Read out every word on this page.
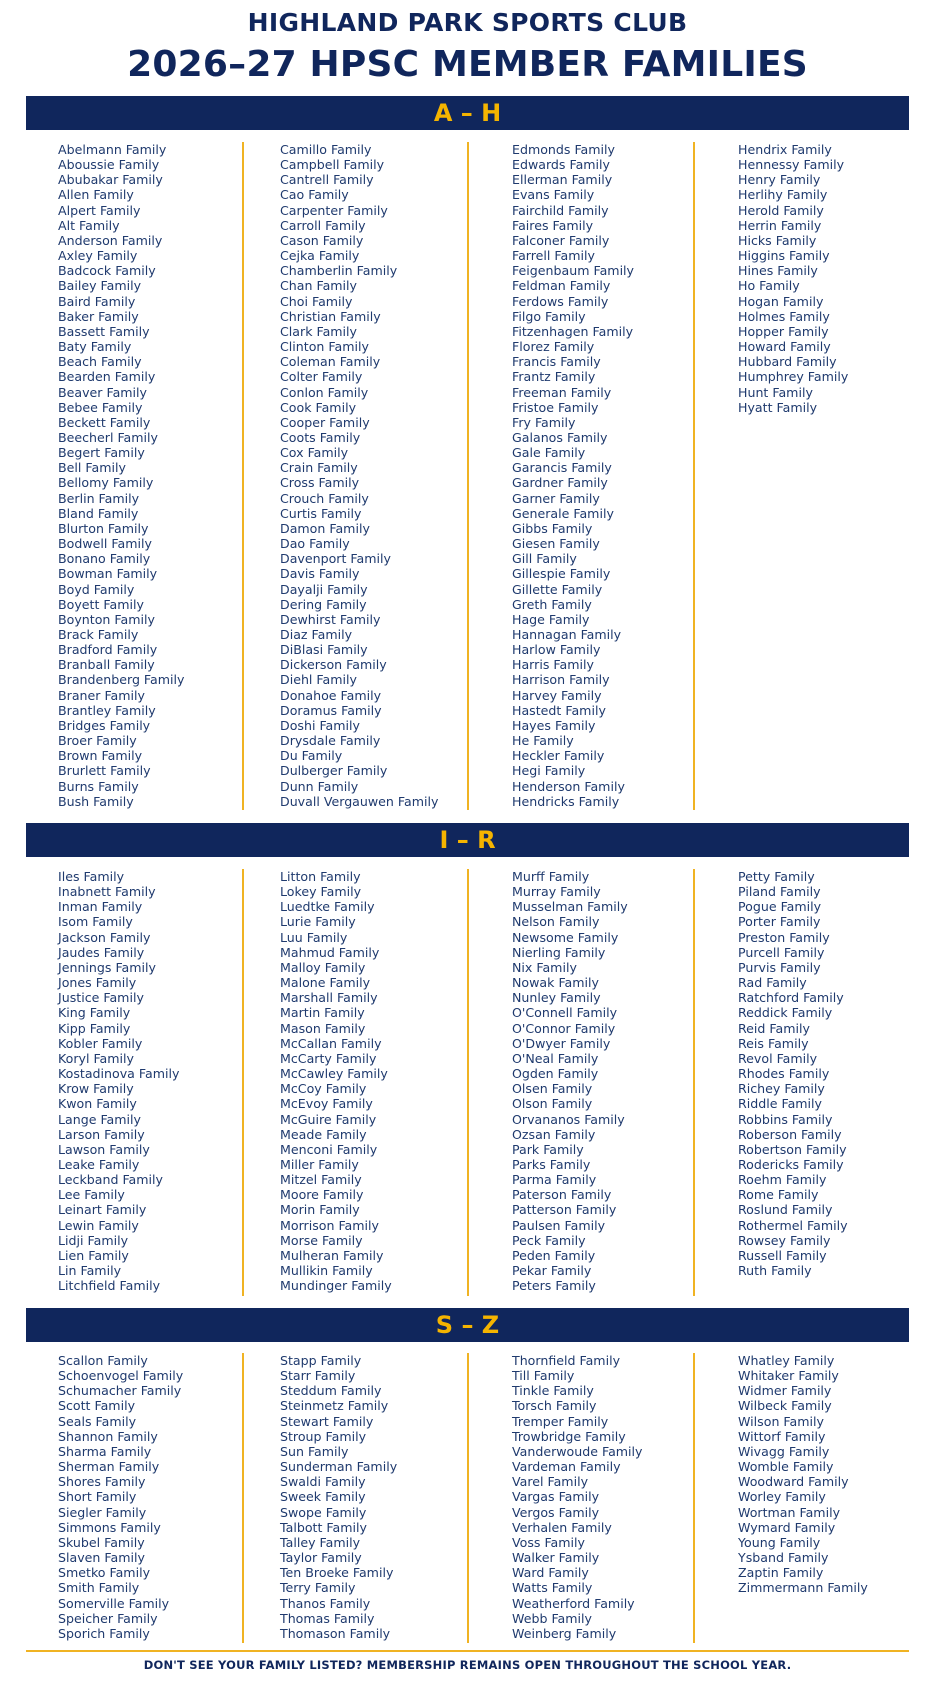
HIGHLAND PARK SPORTS CLUB
2026–27 HPSC MEMBER FAMILIES
A – H
Abelmann Family
Aboussie Family
Abubakar Family
Allen Family
Alpert Family
Alt Family
Anderson Family
Axley Family
Badcock Family
Bailey Family
Baird Family
Baker Family
Bassett Family
Baty Family
Beach Family
Bearden Family
Beaver Family
Bebee Family
Beckett Family
Beecherl Family
Begert Family
Bell Family
Bellomy Family
Berlin Family
Bland Family
Blurton Family
Bodwell Family
Bonano Family
Bowman Family
Boyd Family
Boyett Family
Boynton Family
Brack Family
Bradford Family
Branball Family
Brandenberg Family
Braner Family
Brantley Family
Bridges Family
Broer Family
Brown Family
Brurlett Family
Burns Family
Bush Family
Camillo Family
Campbell Family
Cantrell Family
Cao Family
Carpenter Family
Carroll Family
Cason Family
Cejka Family
Chamberlin Family
Chan Family
Choi Family
Christian Family
Clark Family
Clinton Family
Coleman Family
Colter Family
Conlon Family
Cook Family
Cooper Family
Coots Family
Cox Family
Crain Family
Cross Family
Crouch Family
Curtis Family
Damon Family
Dao Family
Davenport Family
Davis Family
Dayalji Family
Dering Family
Dewhirst Family
Diaz Family
DiBlasi Family
Dickerson Family
Diehl Family
Donahoe Family
Doramus Family
Doshi Family
Drysdale Family
Du Family
Dulberger Family
Dunn Family
Duvall Vergauwen Family
Edmonds Family
Edwards Family
Ellerman Family
Evans Family
Fairchild Family
Faires Family
Falconer Family
Farrell Family
Feigenbaum Family
Feldman Family
Ferdows Family
Filgo Family
Fitzenhagen Family
Florez Family
Francis Family
Frantz Family
Freeman Family
Fristoe Family
Fry Family
Galanos Family
Gale Family
Garancis Family
Gardner Family
Garner Family
Generale Family
Gibbs Family
Giesen Family
Gill Family
Gillespie Family
Gillette Family
Greth Family
Hage Family
Hannagan Family
Harlow Family
Harris Family
Harrison Family
Harvey Family
Hastedt Family
Hayes Family
He Family
Heckler Family
Hegi Family
Henderson Family
Hendricks Family
Hendrix Family
Hennessy Family
Henry Family
Herlihy Family
Herold Family
Herrin Family
Hicks Family
Higgins Family
Hines Family
Ho Family
Hogan Family
Holmes Family
Hopper Family
Howard Family
Hubbard Family
Humphrey Family
Hunt Family
Hyatt Family
I – R
Iles Family
Inabnett Family
Inman Family
Isom Family
Jackson Family
Jaudes Family
Jennings Family
Jones Family
Justice Family
King Family
Kipp Family
Kobler Family
Koryl Family
Kostadinova Family
Krow Family
Kwon Family
Lange Family
Larson Family
Lawson Family
Leake Family
Leckband Family
Lee Family
Leinart Family
Lewin Family
Lidji Family
Lien Family
Lin Family
Litchfield Family
Litton Family
Lokey Family
Luedtke Family
Lurie Family
Luu Family
Mahmud Family
Malloy Family
Malone Family
Marshall Family
Martin Family
Mason Family
McCallan Family
McCarty Family
McCawley Family
McCoy Family
McEvoy Family
McGuire Family
Meade Family
Menconi Family
Miller Family
Mitzel Family
Moore Family
Morin Family
Morrison Family
Morse Family
Mulheran Family
Mullikin Family
Mundinger Family
Murff Family
Murray Family
Musselman Family
Nelson Family
Newsome Family
Nierling Family
Nix Family
Nowak Family
Nunley Family
O'Connell Family
O'Connor Family
O'Dwyer Family
O'Neal Family
Ogden Family
Olsen Family
Olson Family
Orvananos Family
Ozsan Family
Park Family
Parks Family
Parma Family
Paterson Family
Patterson Family
Paulsen Family
Peck Family
Peden Family
Pekar Family
Peters Family
Petty Family
Piland Family
Pogue Family
Porter Family
Preston Family
Purcell Family
Purvis Family
Rad Family
Ratchford Family
Reddick Family
Reid Family
Reis Family
Revol Family
Rhodes Family
Richey Family
Riddle Family
Robbins Family
Roberson Family
Robertson Family
Rodericks Family
Roehm Family
Rome Family
Roslund Family
Rothermel Family
Rowsey Family
Russell Family
Ruth Family
S – Z
Scallon Family
Schoenvogel Family
Schumacher Family
Scott Family
Seals Family
Shannon Family
Sharma Family
Sherman Family
Shores Family
Short Family
Siegler Family
Simmons Family
Skubel Family
Slaven Family
Smetko Family
Smith Family
Somerville Family
Speicher Family
Sporich Family
Stapp Family
Starr Family
Steddum Family
Steinmetz Family
Stewart Family
Stroup Family
Sun Family
Sunderman Family
Swaldi Family
Sweek Family
Swope Family
Talbott Family
Talley Family
Taylor Family
Ten Broeke Family
Terry Family
Thanos Family
Thomas Family
Thomason Family
Thornfield Family
Till Family
Tinkle Family
Torsch Family
Tremper Family
Trowbridge Family
Vanderwoude Family
Vardeman Family
Varel Family
Vargas Family
Vergos Family
Verhalen Family
Voss Family
Walker Family
Ward Family
Watts Family
Weatherford Family
Webb Family
Weinberg Family
Whatley Family
Whitaker Family
Widmer Family
Wilbeck Family
Wilson Family
Wittorf Family
Wivagg Family
Womble Family
Woodward Family
Worley Family
Wortman Family
Wymard Family
Young Family
Ysband Family
Zaptin Family
Zimmermann Family
DON'T SEE YOUR FAMILY LISTED? MEMBERSHIP REMAINS OPEN THROUGHOUT THE SCHOOL YEAR.
